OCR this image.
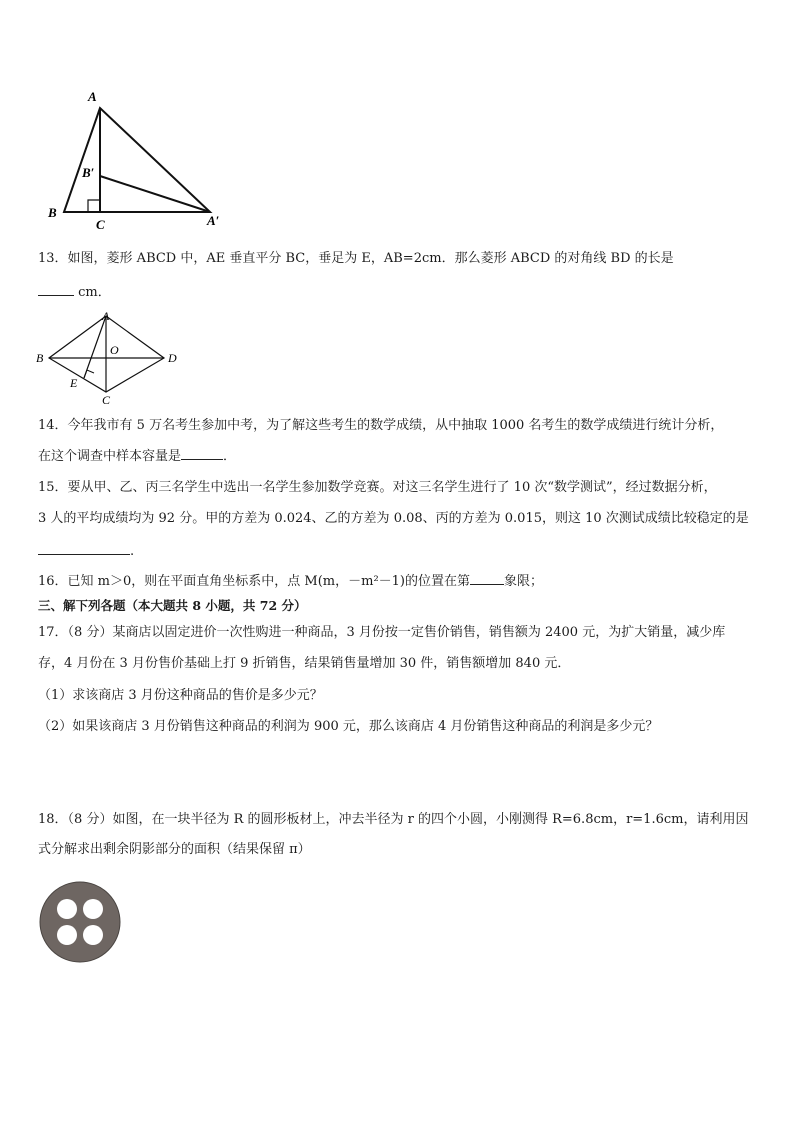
A
B′
B
C	A′
13．如图，菱形 ABCD 中，AE 垂直平分 BC，垂足为 E，AB=2cm．那么菱形 ABCD 的对角线 BD 的长是
cm．
A
B
O
D
E
C
14．今年我市有 5 万名考生参加中考，为了解这些考生的数学成绩，从中抽取 1000 名考生的数学成绩进行统计分析，
在这个调查中样本容量是	．
15．要从甲、乙、丙三名学生中选出一名学生参加数学竞赛。对这三名学生进行了 10 次“数学测试”，经过数据分析，
3 人的平均成绩均为 92 分。甲的方差为 0.024、乙的方差为 0.08、丙的方差为 0.015，则这 10 次测试成绩比较稳定的是
.
16．已知 m＞0，则在平面直角坐标系中，点 M(m，－m²－1)的位置在第	象限；
三、解下列各题（本大题共 8 小题，共 72 分）
17．（8 分）某商店以固定进价一次性购进一种商品，3 月份按一定售价销售，销售额为 2400 元，为扩大销量，减少库
存，4 月份在 3 月份售价基础上打 9 折销售，结果销售量增加 30 件，销售额增加 840 元．
（1）求该商店 3 月份这种商品的售价是多少元？
（2）如果该商店 3 月份销售这种商品的利润为 900 元，那么该商店 4 月份销售这种商品的利润是多少元？
18．（8 分）如图，在一块半径为 R 的圆形板材上，冲去半径为 r 的四个小圆，小刚测得 R=6.8cm，r=1.6cm，请利用因
式分解求出剩余阴影部分的面积（结果保留 π）
